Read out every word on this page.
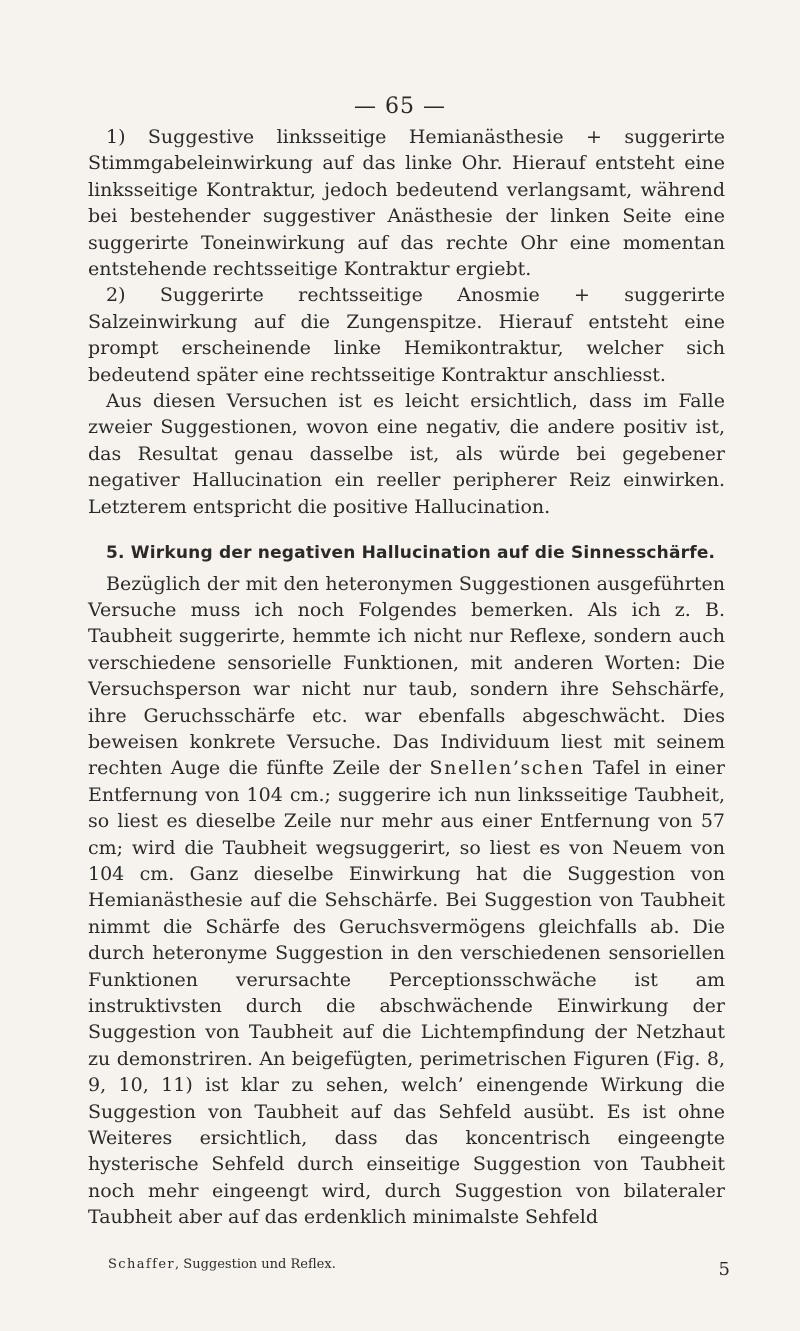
— 65 —

1) Suggestive linksseitige Hemianästhesie + suggerirte Stimmgabeleinwirkung auf das linke Ohr. Hierauf entsteht eine linksseitige Kontraktur, jedoch bedeutend verlangsamt, während bei bestehender suggestiver Anästhesie der linken Seite eine suggerirte Toneinwirkung auf das rechte Ohr eine momentan entstehende rechtsseitige Kontraktur ergiebt.

2) Suggerirte rechtsseitige Anosmie + suggerirte Salzeinwirkung auf die Zungenspitze. Hierauf entsteht eine prompt erscheinende linke Hemikontraktur, welcher sich bedeutend später eine rechtsseitige Kontraktur anschliesst.

Aus diesen Versuchen ist es leicht ersichtlich, dass im Falle zweier Suggestionen, wovon eine negativ, die andere positiv ist, das Resultat genau dasselbe ist, als würde bei gegebener negativer Hallucination ein reeller peripherer Reiz einwirken. Letzterem entspricht die positive Hallucination.

5. Wirkung der negativen Hallucination auf die Sinnesschärfe.

Bezüglich der mit den heteronymen Suggestionen ausgeführten Versuche muss ich noch Folgendes bemerken. Als ich z. B. Taubheit suggerirte, hemmte ich nicht nur Reflexe, sondern auch verschiedene sensorielle Funktionen, mit anderen Worten: Die Versuchsperson war nicht nur taub, sondern ihre Sehschärfe, ihre Geruchsschärfe etc. war ebenfalls abgeschwächt. Dies beweisen konkrete Versuche. Das Individuum liest mit seinem rechten Auge die fünfte Zeile der Snellen’schen Tafel in einer Entfernung von 104 cm.; suggerire ich nun linksseitige Taubheit, so liest es dieselbe Zeile nur mehr aus einer Entfernung von 57 cm; wird die Taubheit wegsuggerirt, so liest es von Neuem von 104 cm. Ganz dieselbe Einwirkung hat die Suggestion von Hemianästhesie auf die Sehschärfe. Bei Suggestion von Taubheit nimmt die Schärfe des Geruchsvermögens gleichfalls ab. Die durch heteronyme Suggestion in den verschiedenen sensoriellen Funktionen verursachte Perceptionsschwäche ist am instruktivsten durch die abschwächende Einwirkung der Suggestion von Taubheit auf die Lichtempfindung der Netzhaut zu demonstriren. An beigefügten, perimetrischen Figuren (Fig. 8, 9, 10, 11) ist klar zu sehen, welch’ einengende Wirkung die Suggestion von Taubheit auf das Sehfeld ausübt. Es ist ohne Weiteres ersichtlich, dass das koncentrisch eingeengte hysterische Sehfeld durch einseitige Suggestion von Taubheit noch mehr eingeengt wird, durch Suggestion von bilateraler Taubheit aber auf das erdenklich minimalste Sehfeld

Schaffer, Suggestion und Reflex.	5
